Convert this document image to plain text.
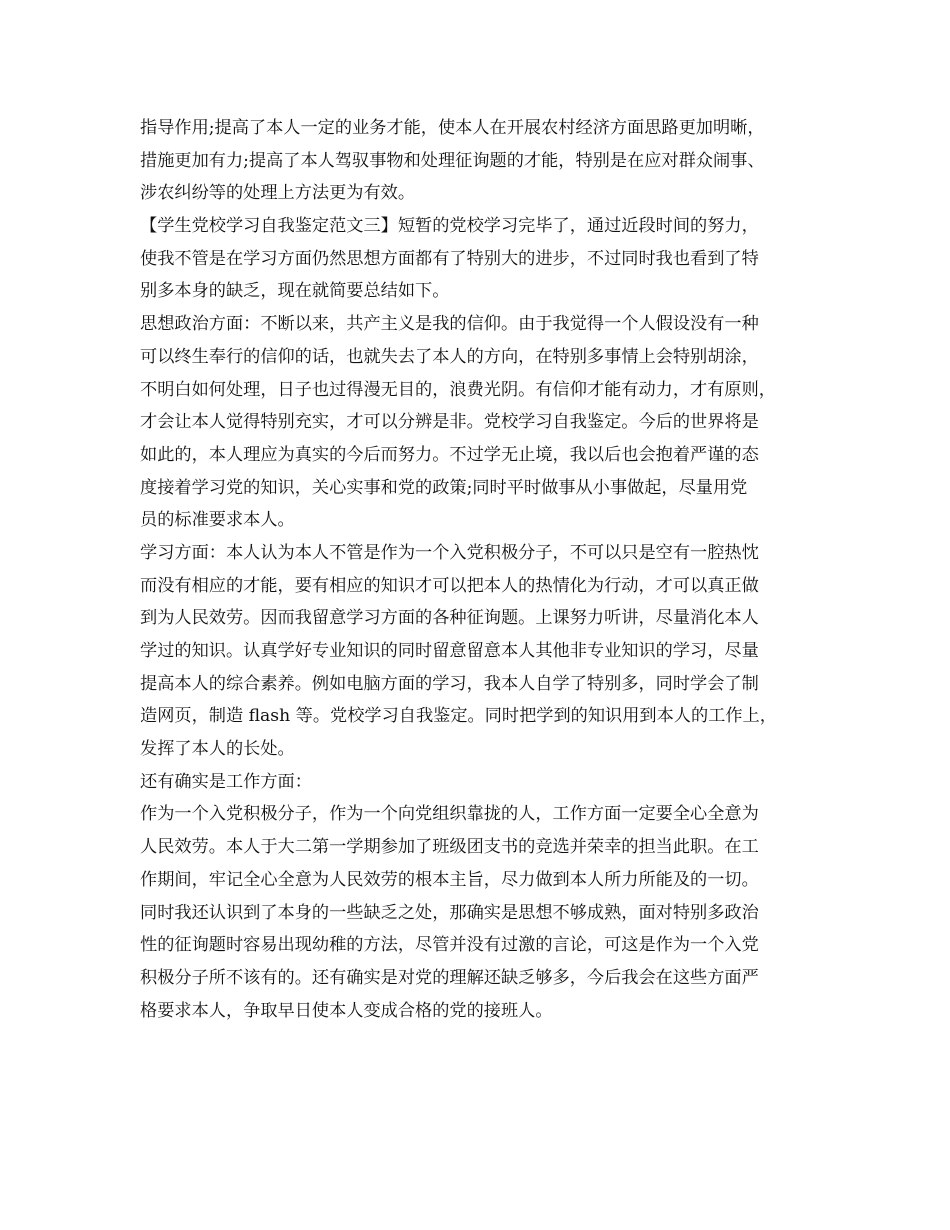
指导作用;提高了本人一定的业务才能，使本人在开展农村经济方面思路更加明晰，
措施更加有力;提高了本人驾驭事物和处理征询题的才能，特别是在应对群众闹事、
涉农纠纷等的处理上方法更为有效。
【学生党校学习自我鉴定范文三】短暂的党校学习完毕了，通过近段时间的努力，
使我不管是在学习方面仍然思想方面都有了特别大的进步，不过同时我也看到了特
别多本身的缺乏，现在就简要总结如下。
思想政治方面：不断以来，共产主义是我的信仰。由于我觉得一个人假设没有一种
可以终生奉行的信仰的话，也就失去了本人的方向，在特别多事情上会特别胡涂，
不明白如何处理，日子也过得漫无目的，浪费光阴。有信仰才能有动力，才有原则，
才会让本人觉得特别充实，才可以分辨是非。党校学习自我鉴定。今后的世界将是
如此的，本人理应为真实的今后而努力。不过学无止境，我以后也会抱着严谨的态
度接着学习党的知识，关心实事和党的政策;同时平时做事从小事做起，尽量用党
员的标准要求本人。
学习方面：本人认为本人不管是作为一个入党积极分子，不可以只是空有一腔热忱
而没有相应的才能，要有相应的知识才可以把本人的热情化为行动，才可以真正做
到为人民效劳。因而我留意学习方面的各种征询题。上课努力听讲，尽量消化本人
学过的知识。认真学好专业知识的同时留意留意本人其他非专业知识的学习，尽量
提高本人的综合素养。例如电脑方面的学习，我本人自学了特别多，同时学会了制
造网页，制造 flash 等。党校学习自我鉴定。同时把学到的知识用到本人的工作上，
发挥了本人的长处。
还有确实是工作方面：
作为一个入党积极分子，作为一个向党组织靠拢的人，工作方面一定要全心全意为
人民效劳。本人于大二第一学期参加了班级团支书的竞选并荣幸的担当此职。在工
作期间，牢记全心全意为人民效劳的根本主旨，尽力做到本人所力所能及的一切。
同时我还认识到了本身的一些缺乏之处，那确实是思想不够成熟，面对特别多政治
性的征询题时容易出现幼稚的方法，尽管并没有过激的言论，可这是作为一个入党
积极分子所不该有的。还有确实是对党的理解还缺乏够多，今后我会在这些方面严
格要求本人，争取早日使本人变成合格的党的接班人。
